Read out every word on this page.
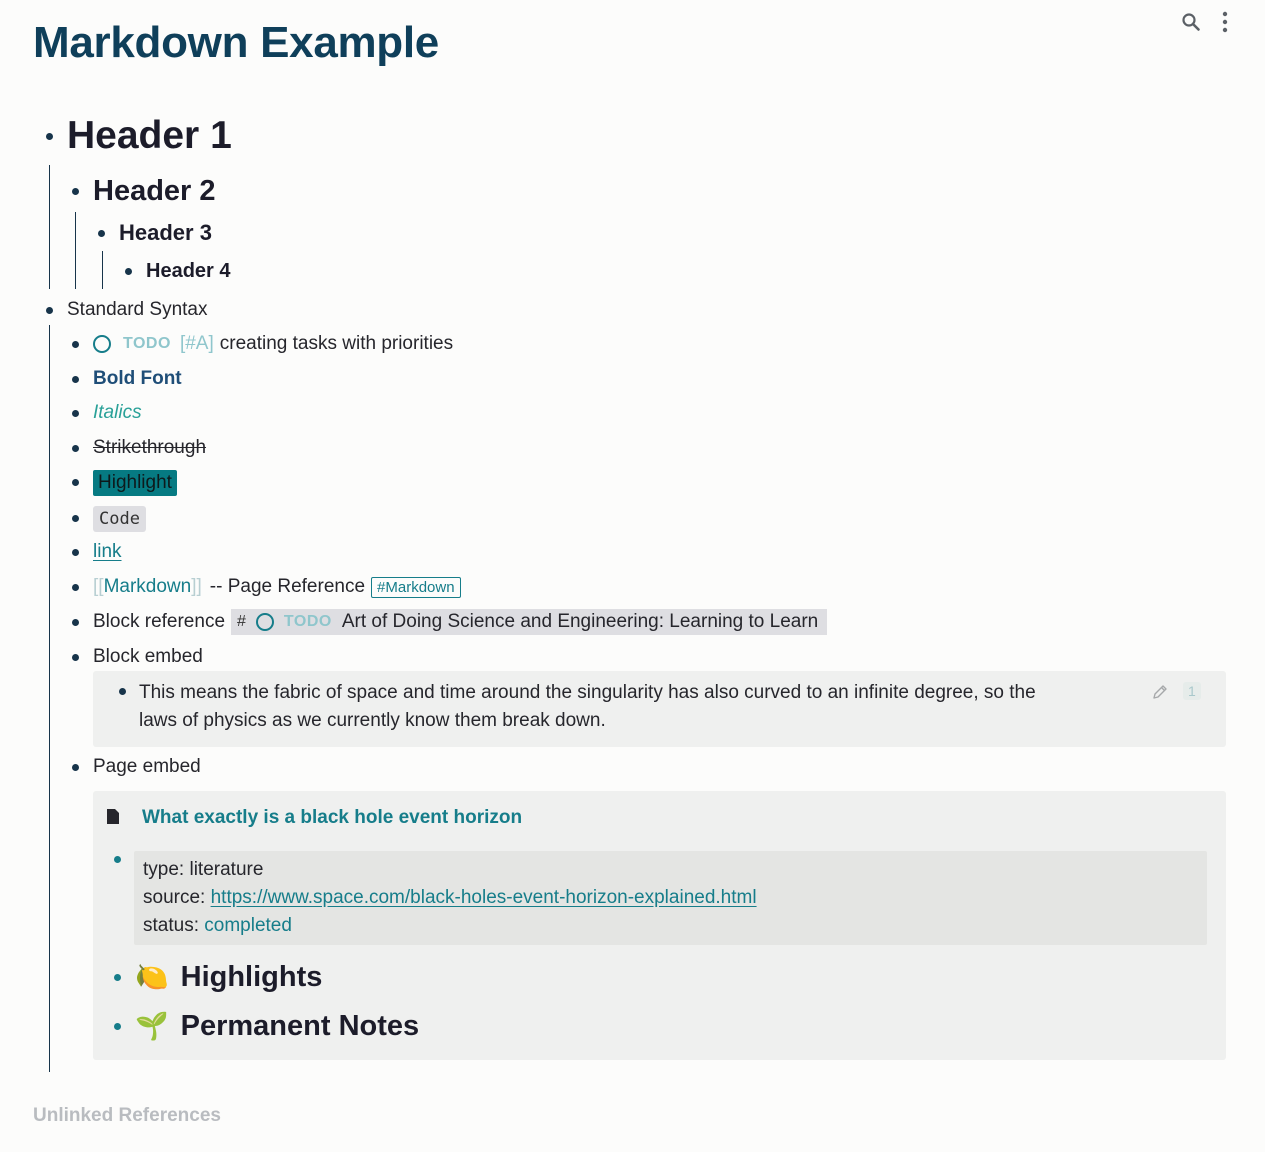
Markdown Example
Header 1
Header 2
Header 3
Header 4
Standard Syntax
TODO [#A] creating tasks with priorities
Bold Font
Italics
Strikethrough
Highlight
Code
link
[[ Markdown ]] -- Page Reference #Markdown
Block reference # TODO Art of Doing Science and Engineering: Learning to Learn
Block embed
This means the fabric of space and time around the singularity has also curved to an infinite degree, so the
laws of physics as we currently know them break down.
1
Page embed
What exactly is a black hole event horizon
type: literature
source: https://www.space.com/black-holes-event-horizon-explained.html
status: completed
🍋 Highlights
🌱 Permanent Notes
Unlinked References
